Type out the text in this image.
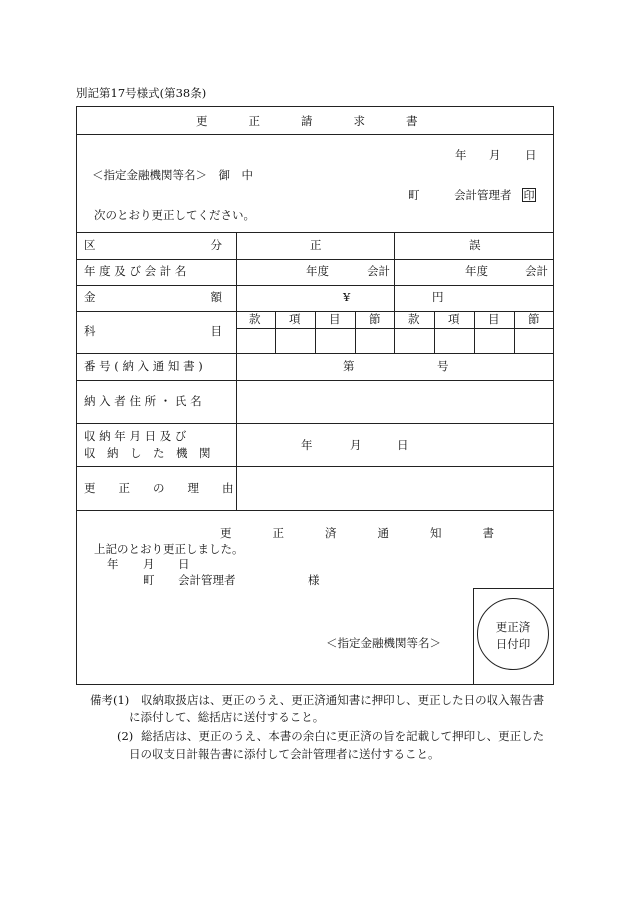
別記第17号様式(第38条)
更　　正　　請　　求　　書
年 月 日
＜指定金融機関等名＞　御　中
町	会計管理者 印
次のとおり更正してください。
区　　　　　　　　　　分	正	誤
年 度 及 び 会 計 名	年度	会計	年度	会計
金　　　　　　　　　　額	¥	円
科　　　　　　　　　　目
款 項 目 節 款 項 目 節
番 号 ( 納 入 通 知 書 )	第	号
納 入 者 住 所 ・ 氏 名
収 納 年 月 日 及 び
収　納　し　た　機　関
年	月	日
更　　正　　の　　理　　由
更　　正　　済　　通　　知　　書
上記のとおり更正しました。
年 月 日
町 会計管理者	様
＜指定金融機関等名＞
更正済
日付印
備考(1) 収納取扱店は、更正のうえ、更正済通知書に押印し、更正した日の収入報告書
に添付して、総括店に送付すること。
(2) 総括店は、更正のうえ、本書の余白に更正済の旨を記載して押印し、更正した
日の収支日計報告書に添付して会計管理者に送付すること。
